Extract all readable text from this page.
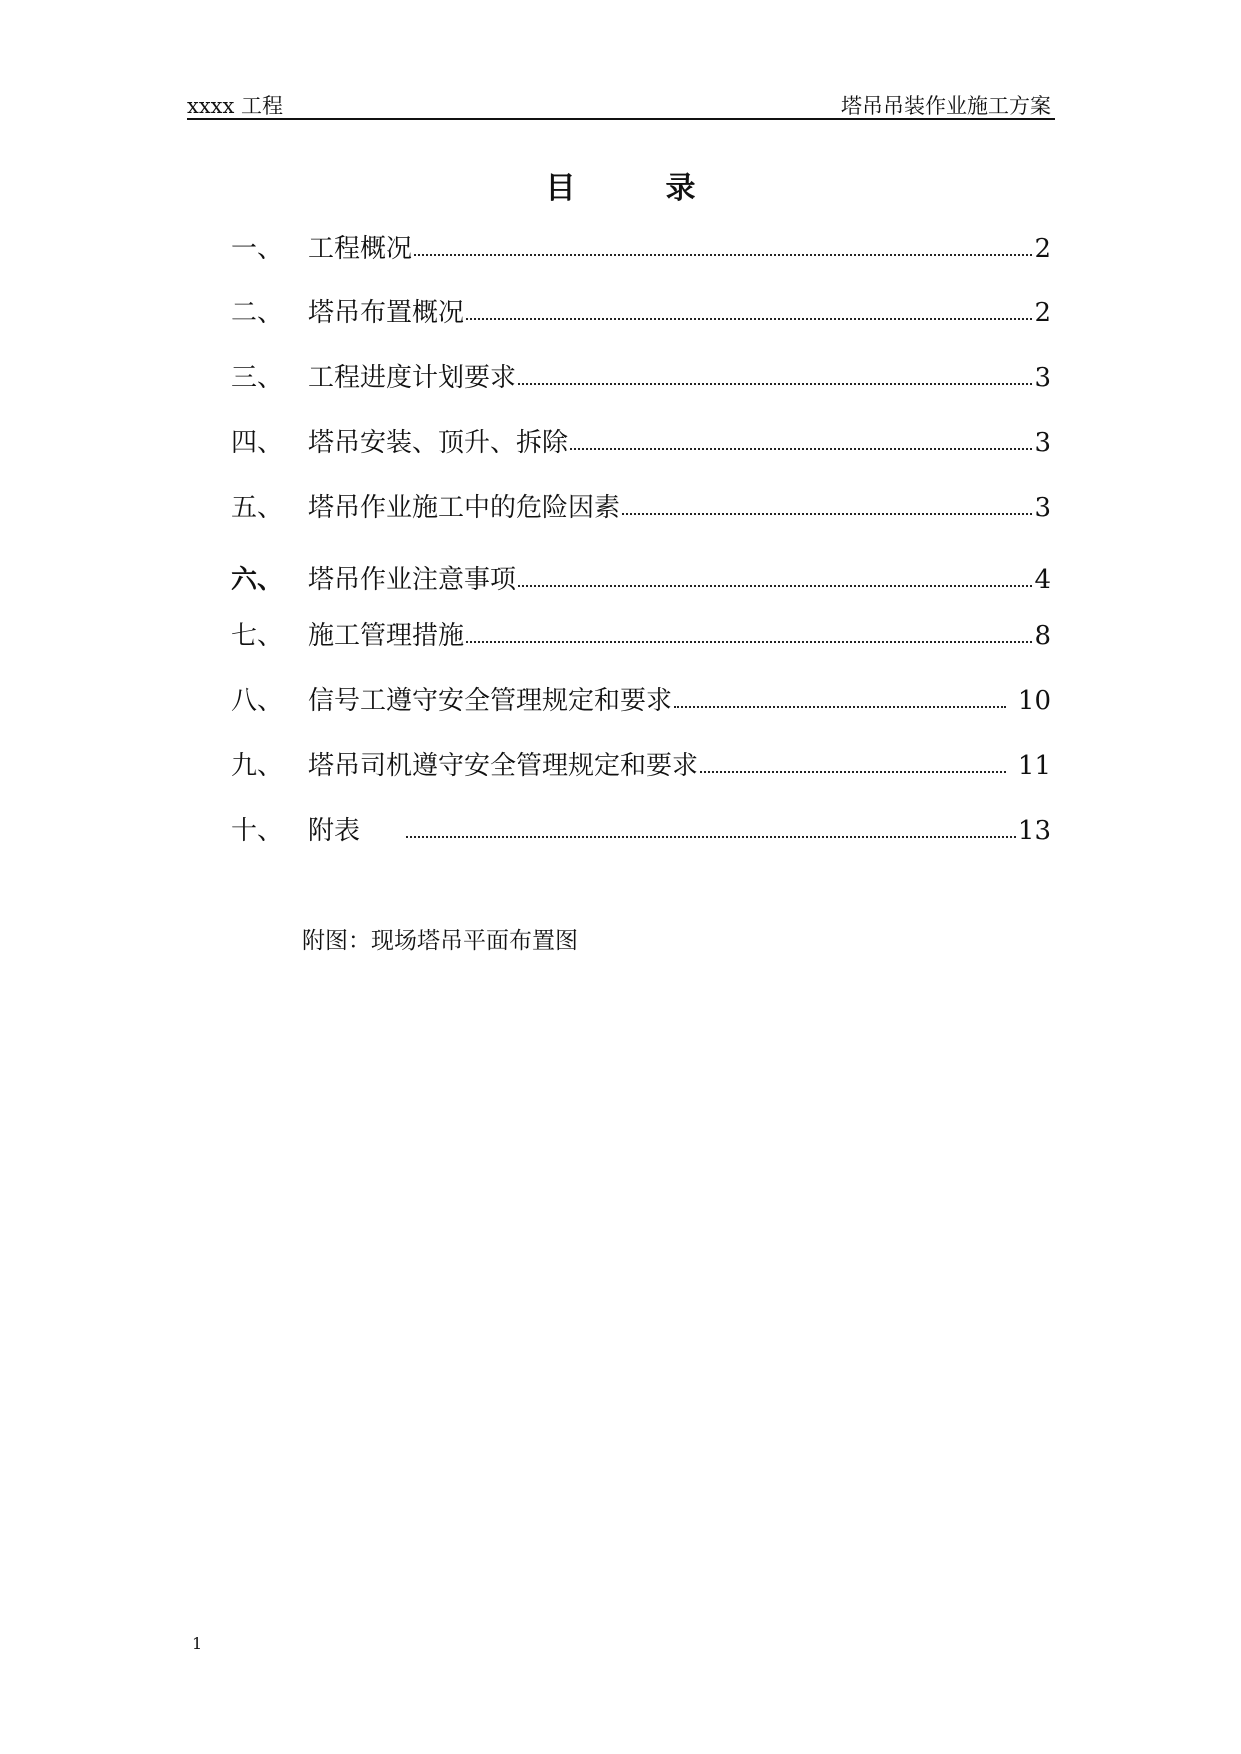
xxxx 工程	塔吊吊装作业施工方案
目录
一、 工程概况	2
二、 塔吊布置概况	2
三、 工程进度计划要求	3
四、 塔吊安装、顶升、拆除	3
五、 塔吊作业施工中的危险因素	3
六、 塔吊作业注意事项	4
七、 施工管理措施	8
八、 信号工遵守安全管理规定和要求	10
九、 塔吊司机遵守安全管理规定和要求	11
十、 附表	13
附图：现场塔吊平面布置图
1
